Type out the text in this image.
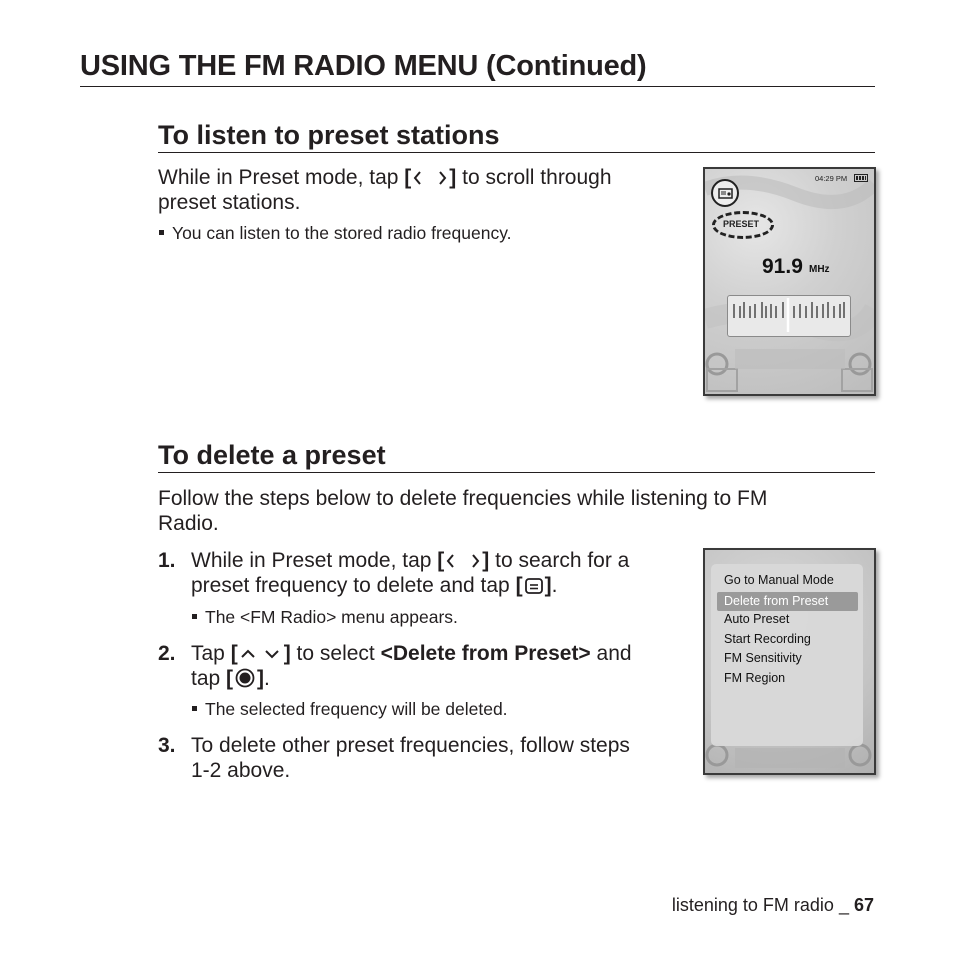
USING THE FM RADIO MENU (Continued)
To listen to preset stations
While in Preset mode, tap [ ] to scroll through
preset stations.
You can listen to the stored radio frequency.
04:29 PM
PRESET
91.9 MHz
To delete a preset
Follow the steps below to delete frequencies while listening to FM
Radio.
1. While in Preset mode, tap [ ] to search for a
preset frequency to delete and tap [ ].
The <FM Radio> menu appears.
2. Tap [ ] to select <Delete from Preset> and
tap [ ].
The selected frequency will be deleted.
3. To delete other preset frequencies, follow steps
1-2 above.
Go to Manual Mode
Delete from Preset
Auto Preset
Start Recording
FM Sensitivity
FM Region
listening to FM radio _ 67
